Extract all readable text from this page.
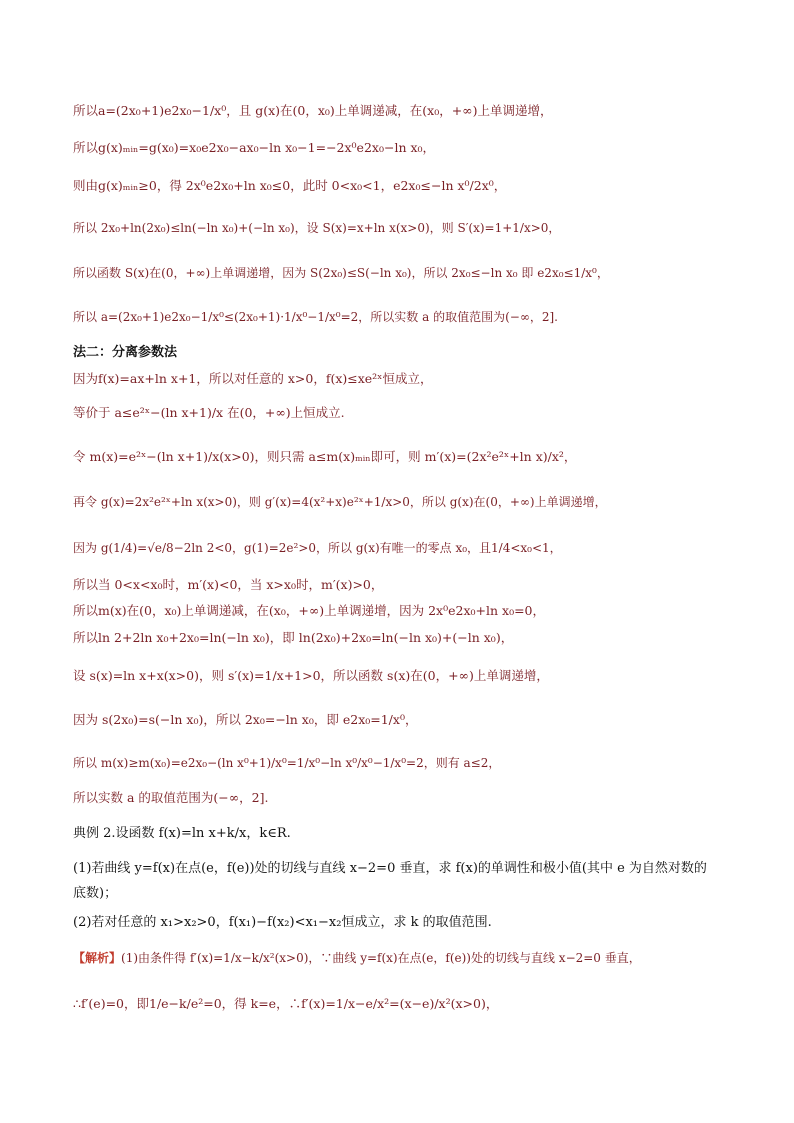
所以a=(2x₀+1)e2x₀−1/x⁰，且 g(x)在(0，x₀)上单调递减，在(x₀，+∞)上单调递增，
所以g(x)ₘᵢₙ=g(x₀)=x₀e2x₀−ax₀−ln x₀−1=−2x⁰e2x₀−ln x₀，
则由g(x)ₘᵢₙ≥0，得 2x⁰e2x₀+ln x₀≤0，此时 0<x₀<1，e2x₀≤−ln x⁰/2x⁰，
所以 2x₀+ln(2x₀)≤ln(−ln x₀)+(−ln x₀)，设 S(x)=x+ln x(x>0)，则 S′(x)=1+1/x>0，
所以函数 S(x)在(0，+∞)上单调递增，因为 S(2x₀)≤S(−ln x₀)，所以 2x₀≤−ln x₀ 即 e2x₀≤1/x⁰，
所以 a=(2x₀+1)e2x₀−1/x⁰≤(2x₀+1)·1/x⁰−1/x⁰=2，所以实数 a 的取值范围为(−∞，2].
法二：分离参数法
因为f(x)=ax+ln x+1，所以对任意的 x>0，f(x)≤xe²ˣ恒成立，
等价于 a≤e²ˣ−(ln x+1)/x 在(0，+∞)上恒成立.
令 m(x)=e²ˣ−(ln x+1)/x(x>0)，则只需 a≤m(x)ₘᵢₙ即可，则 m′(x)=(2x²e²ˣ+ln x)/x²，
再令 g(x)=2x²e²ˣ+ln x(x>0)，则 g′(x)=4(x²+x)e²ˣ+1/x>0，所以 g(x)在(0，+∞)上单调递增，
因为 g(1/4)=√e/8−2ln 2<0，g(1)=2e²>0，所以 g(x)有唯一的零点 x₀，且1/4<x₀<1，
所以当 0<x<x₀时，m′(x)<0，当 x>x₀时，m′(x)>0，
所以m(x)在(0，x₀)上单调递减，在(x₀，+∞)上单调递增，因为 2x⁰e2x₀+ln x₀=0，
所以ln 2+2ln x₀+2x₀=ln(−ln x₀)，即 ln(2x₀)+2x₀=ln(−ln x₀)+(−ln x₀)，
设 s(x)=ln x+x(x>0)，则 s′(x)=1/x+1>0，所以函数 s(x)在(0，+∞)上单调递增，
因为 s(2x₀)=s(−ln x₀)，所以 2x₀=−ln x₀，即 e2x₀=1/x⁰，
所以 m(x)≥m(x₀)=e2x₀−(ln x⁰+1)/x⁰=1/x⁰−ln x⁰/x⁰−1/x⁰=2，则有 a≤2，
所以实数 a 的取值范围为(−∞，2].
典例 2.设函数 f(x)=ln x+k/x，k∈R.
(1)若曲线 y=f(x)在点(e，f(e))处的切线与直线 x−2=0 垂直，求 f(x)的单调性和极小值(其中 e 为自然对数的
底数)；
(2)若对任意的 x₁>x₂>0，f(x₁)−f(x₂)<x₁−x₂恒成立，求 k 的取值范围.
【解析】(1)由条件得 f′(x)=1/x−k/x²(x>0)，∵曲线 y=f(x)在点(e，f(e))处的切线与直线 x−2=0 垂直，
∴f′(e)=0，即1/e−k/e²=0，得 k=e，∴f′(x)=1/x−e/x²=(x−e)/x²(x>0)，
